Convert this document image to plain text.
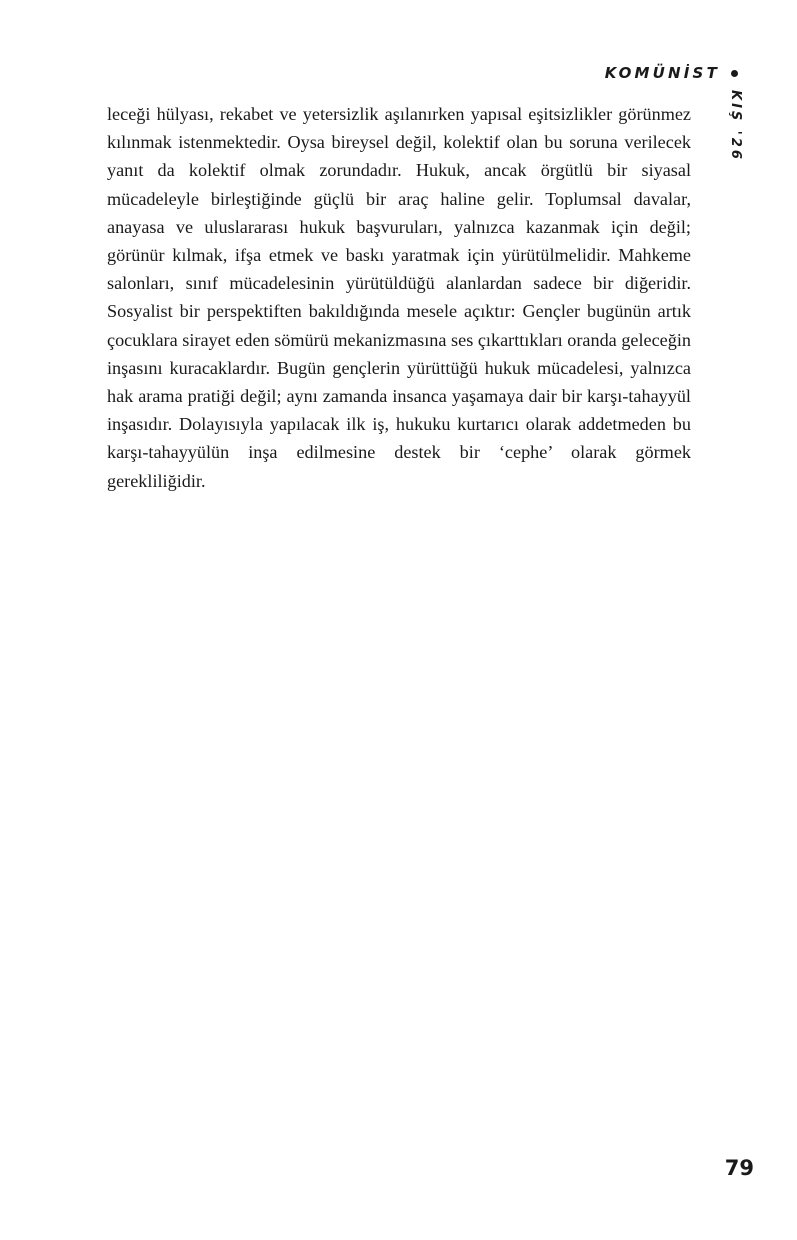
KOMÜNİST
KIŞ '26

leceği hülyası, rekabet ve yetersizlik aşılanırken yapısal eşitsizlikler görünmez kılınmak istenmektedir. Oysa bireysel değil, kolektif olan bu soruna verilecek yanıt da kolektif olmak zorundadır. Hukuk, ancak örgütlü bir siyasal mücadeleyle birleştiğinde güçlü bir araç haline gelir. Toplumsal davalar, anayasa ve uluslararası hukuk başvuruları, yalnızca kazanmak için değil; görünür kılmak, ifşa etmek ve baskı yaratmak için yürütülmelidir. Mahkeme salonları, sınıf mücadelesinin yürütüldüğü alanlardan sadece bir diğeridir. Sosyalist bir perspektiften bakıldığında mesele açıktır: Gençler bugünün artık çocuklara sirayet eden sömürü mekanizmasına ses çıkarttıkları oranda geleceğin inşasını kuracaklardır. Bugün gençlerin yürüttüğü hukuk mücadelesi, yalnızca hak arama pratiği değil; aynı zamanda insanca yaşamaya dair bir karşı-tahayyül inşasıdır. Dolayısıyla yapılacak ilk iş, hukuku kurtarıcı olarak addetmeden bu karşı-tahayyülün inşa edilmesine destek bir ‘cephe’ olarak görmek gerekliliğidir.

79
